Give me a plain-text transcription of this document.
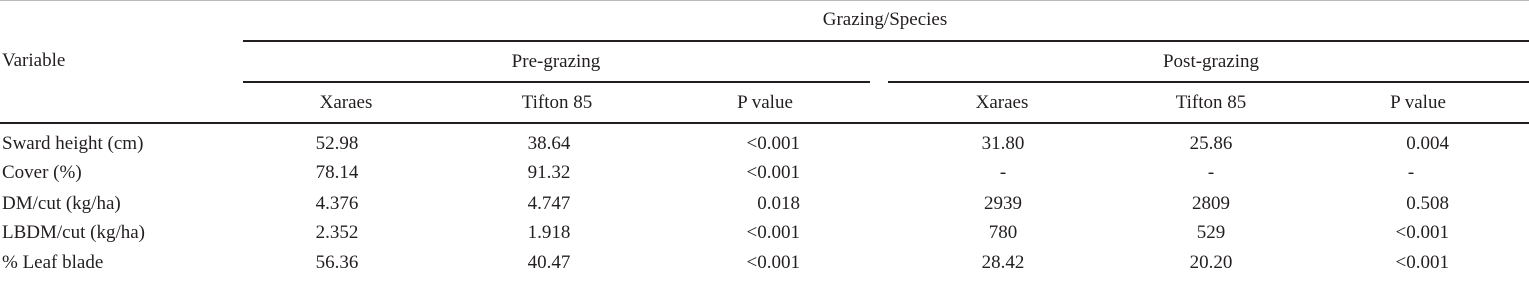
Variable
Grazing/Species
Pre-grazing	Post-grazing
Xaraes	Tifton 85	P value	Xaraes	Tifton 85	P value
Sward height (cm)	52.98	38.64	<0.001	31.80	25.86	0.004
Cover (%)	78.14	91.32	<0.001	-	-	-
DM/cut (kg/ha)	4.376	4.747	0.018	2939	2809	0.508
LBDM/cut (kg/ha)	2.352	1.918	<0.001	780	529	<0.001
% Leaf blade	56.36	40.47	<0.001	28.42	20.20	<0.001
